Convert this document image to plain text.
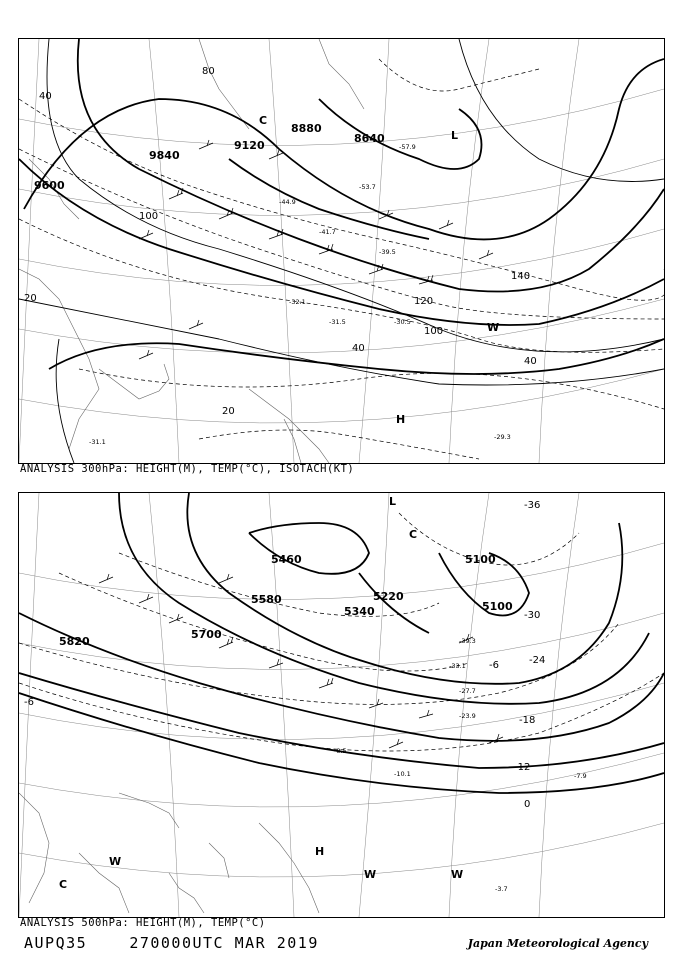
-57.9
-53.7
-44.9
-41.7
-39.5
-32.1
-31.5	-30.5
-29.3
-31.1
9600
9840
9120
8880
8640
20
40
80
100
120
140
100
40
20
40
H
L
C
W
ANALYSIS 300hPa: HEIGHT(M), TEMP(°C), ISOTACH(KT)
-39.3
-33.1
-27.7
-23.9
-10.1
-8.5
-3.7
-7.9
5460
5580
5700
5820
5340
5220
5100
5100
-36
-30
-24
-18
-12
-6
0
-6
H
L
C
W
W	W
C
ANALYSIS 500hPa: HEIGHT(M), TEMP(°C)
AUPQ35	270000UTC MAR 2019	Japan Meteorological Agency
